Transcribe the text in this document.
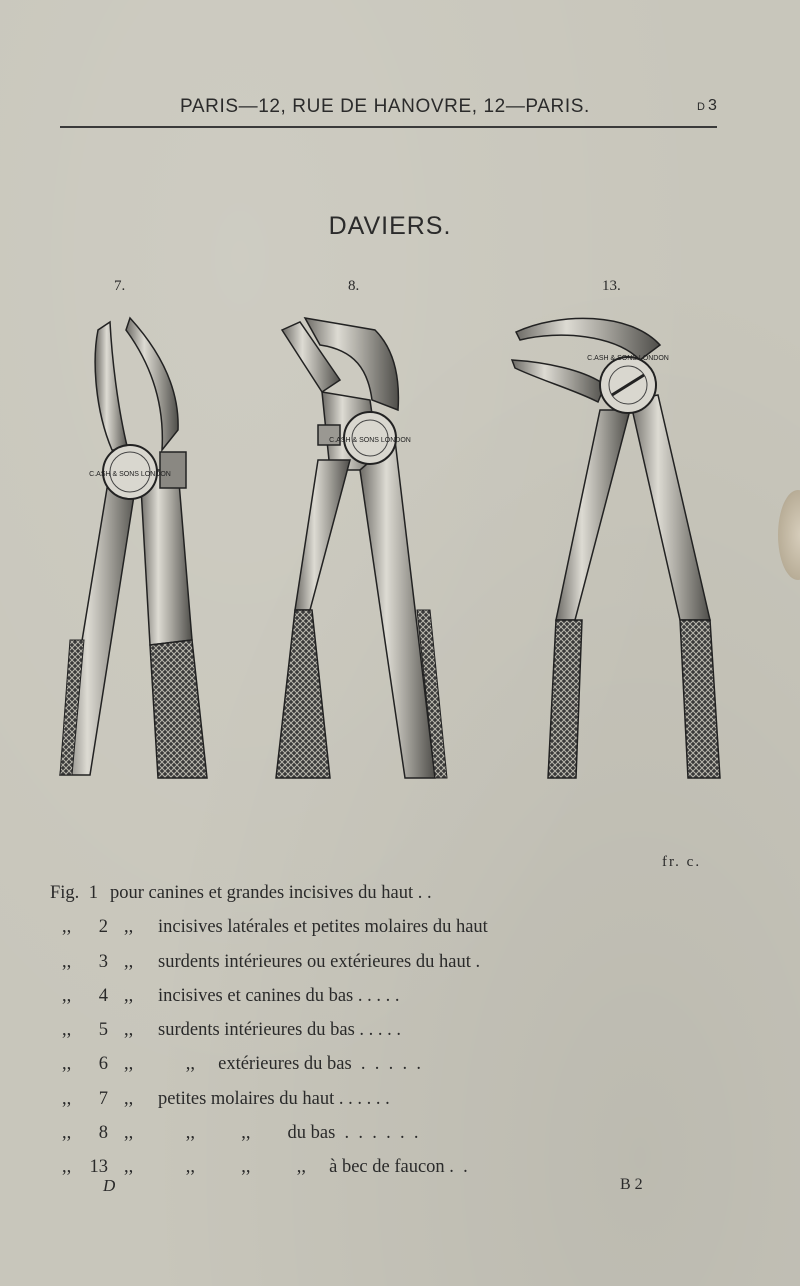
PARIS—12, RUE DE HANOVRE, 12—PARIS.	D 3
DAVIERS.
7.	8.	13.
C.ASH & SONS LONDON
C.ASH & SONS LONDON
C.ASH & SONS LONDON
fr. c.
Fig. 1 pour canines et grandes incisives du haut . .
,,	2 ,, incisives latérales et petites molaires du haut
,,	3 ,, surdents intérieures ou extérieures du haut .
,,	4 ,, incisives et canines du bas . . . . .
,,	5 ,, surdents intérieures du bas . . . . .
,,	6 ,, ,,     extérieures du bas  .  .  .  .  .
,,	7 ,, petites molaires du haut . . . . . .
,,	8 ,, ,,          ,,        du bas  .  .  .  .  .  .
,, 13 ,, ,,          ,,          ,,     à bec de faucon .  .
D	B 2
